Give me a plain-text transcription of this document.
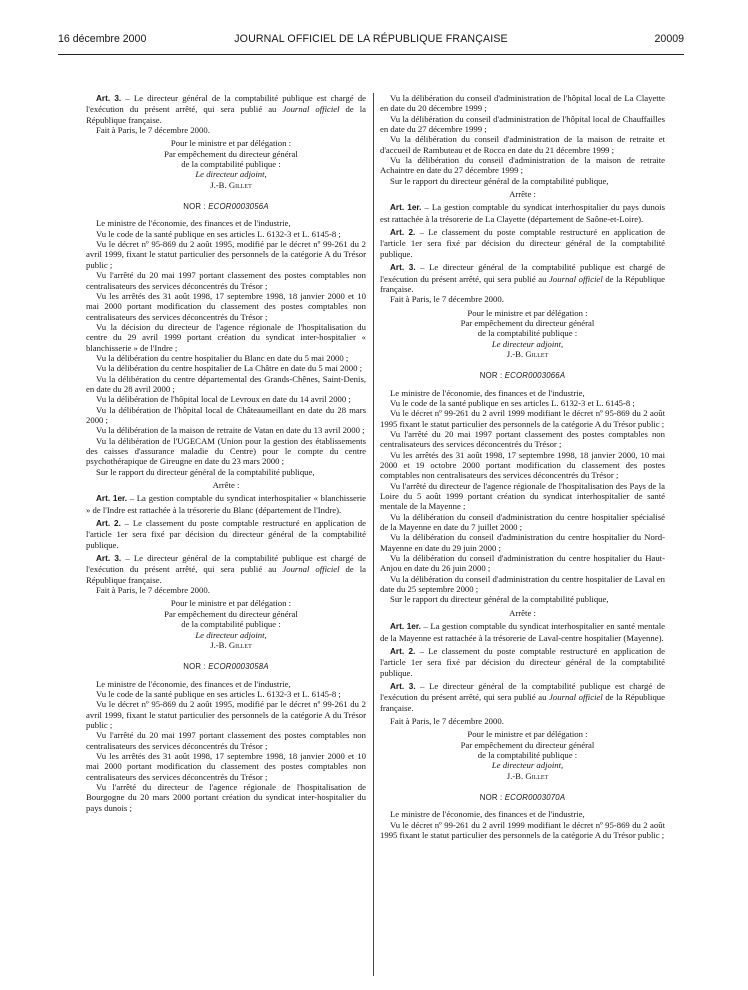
16 décembre 2000	JOURNAL OFFICIEL DE LA RÉPUBLIQUE FRANÇAISE	20009

Art. 3. – Le directeur général de la comptabilité publique est chargé de l'exécution du présent arrêté, qui sera publié au Journal officiel de la République française.

Fait à Paris, le 7 décembre 2000.

Pour le ministre et par délégation :

Par empêchement du directeur général

de la comptabilité publique :

Le directeur adjoint,

J.-B. Gillet

NOR : ECOR0003056A

Le ministre de l'économie, des finances et de l'industrie,

Vu le code de la santé publique en ses articles L. 6132-3 et L. 6145-8 ;

Vu le décret nº 95-869 du 2 août 1995, modifié par le décret nº 99-261 du 2 avril 1999, fixant le statut particulier des personnels de la catégorie A du Trésor public ;

Vu l'arrêté du 20 mai 1997 portant classement des postes comptables non centralisateurs des services déconcentrés du Trésor ;

Vu les arrêtés des 31 août 1998, 17 septembre 1998, 18 janvier 2000 et 10 mai 2000 portant modification du classement des postes comptables non centralisateurs des services déconcentrés du Trésor ;

Vu la décision du directeur de l'agence régionale de l'hospitalisation du centre du 29 avril 1999 portant création du syndicat inter-hospitalier « blanchisserie » de l'Indre ;

Vu la délibération du centre hospitalier du Blanc en date du 5 mai 2000 ;

Vu la délibération du centre hospitalier de La Châtre en date du 5 mai 2000 ;

Vu la délibération du centre départemental des Grands-Chênes, Saint-Denis, en date du 28 avril 2000 ;

Vu la délibération de l'hôpital local de Levroux en date du 14 avril 2000 ;

Vu la délibération de l'hôpital local de Châteaumeillant en date du 28 mars 2000 ;

Vu la délibération de la maison de retraite de Vatan en date du 13 avril 2000 ;

Vu la délibération de l'UGECAM (Union pour la gestion des établissements des caisses d'assurance maladie du Centre) pour le compte du centre psychothérapique de Gireugne en date du 23 mars 2000 ;

Sur le rapport du directeur général de la comptabilité publique,

Arrête :

Art. 1er. – La gestion comptable du syndicat interhospitalier « blanchisserie » de l'Indre est rattachée à la trésorerie du Blanc (département de l'Indre).

Art. 2. – Le classement du poste comptable restructuré en application de l'article 1er sera fixé par décision du directeur général de la comptabilité publique.

Art. 3. – Le directeur général de la comptabilité publique est chargé de l'exécution du présent arrêté, qui sera publié au Journal officiel de la République française.

Fait à Paris, le 7 décembre 2000.

Pour le ministre et par délégation :

Par empêchement du directeur général

de la comptabilité publique :

Le directeur adjoint,

J.-B. Gillet

NOR : ECOR0003058A

Le ministre de l'économie, des finances et de l'industrie,

Vu le code de la santé publique en ses articles L. 6132-3 et L. 6145-8 ;

Vu le décret nº 95-869 du 2 août 1995, modifié par le décret nº 99-261 du 2 avril 1999, fixant le statut particulier des personnels de la catégorie A du Trésor public ;

Vu l'arrêté du 20 mai 1997 portant classement des postes comptables non centralisateurs des services déconcentrés du Trésor ;

Vu les arrêtés des 31 août 1998, 17 septembre 1998, 18 janvier 2000 et 10 mai 2000 portant modification du classement des postes comptables non centralisateurs des services déconcentrés du Trésor ;

Vu l'arrêté du directeur de l'agence régionale de l'hospitalisation de Bourgogne du 20 mars 2000 portant création du syndicat inter-hospitalier du pays dunois ;

Vu la délibération du conseil d'administration de l'hôpital local de La Clayette en date du 20 décembre 1999 ;

Vu la délibération du conseil d'administration de l'hôpital local de Chauffailles en date du 27 décembre 1999 ;

Vu la délibération du conseil d'administration de la maison de retraite et d'accueil de Rambuteau et de Rocca en date du 21 décembre 1999 ;

Vu la délibération du conseil d'administration de la maison de retraite Achaintre en date du 27 décembre 1999 ;

Sur le rapport du directeur général de la comptabilité publique,

Arrête :

Art. 1er. – La gestion comptable du syndicat interhospitalier du pays dunois est rattachée à la trésorerie de La Clayette (département de Saône-et-Loire).

Art. 2. – Le classement du poste comptable restructuré en application de l'article 1er sera fixé par décision du directeur général de la comptabilité publique.

Art. 3. – Le directeur général de la comptabilité publique est chargé de l'exécution du présent arrêté, qui sera publié au Journal officiel de la République française.

Fait à Paris, le 7 décembre 2000.

Pour le ministre et par délégation :

Par empêchement du directeur général

de la comptabilité publique :

Le directeur adjoint,

J.-B. Gillet

NOR : ECOR0003066A

Le ministre de l'économie, des finances et de l'industrie,

Vu le code de la santé publique en ses articles L. 6132-3 et L. 6145-8 ;

Vu le décret nº 99-261 du 2 avril 1999 modifiant le décret nº 95-869 du 2 août 1995 fixant le statut particulier des personnels de la catégorie A du Trésor public ;

Vu l'arrêté du 20 mai 1997 portant classement des postes comptables non centralisateurs des services déconcentrés du Trésor ;

Vu les arrêtés des 31 août 1998, 17 septembre 1998, 18 janvier 2000, 10 mai 2000 et 19 octobre 2000 portant modification du classement des postes comptables non centralisateurs des services déconcentrés du Trésor ;

Vu l'arrêté du directeur de l'agence régionale de l'hospitalisation des Pays de la Loire du 5 août 1999 portant création du syndicat interhospitalier de santé mentale de la Mayenne ;

Vu la délibération du conseil d'administration du centre hospitalier spécialisé de la Mayenne en date du 7 juillet 2000 ;

Vu la délibération du conseil d'administration du centre hospitalier du Nord-Mayenne en date du 29 juin 2000 ;

Vu la délibération du conseil d'administration du centre hospitalier du Haut-Anjou en date du 26 juin 2000 ;

Vu la délibération du conseil d'administration du centre hospitalier de Laval en date du 25 septembre 2000 ;

Sur le rapport du directeur général de la comptabilité publique,

Arrête :

Art. 1er. – La gestion comptable du syndicat interhospitalier en santé mentale de la Mayenne est rattachée à la trésorerie de Laval-centre hospitalier (Mayenne).

Art. 2. – Le classement du poste comptable restructuré en application de l'article 1er sera fixé par décision du directeur général de la comptabilité publique.

Art. 3. – Le directeur général de la comptabilité publique est chargé de l'exécution du présent arrêté, qui sera publié au Journal officiel de la République française.

Fait à Paris, le 7 décembre 2000.

Pour le ministre et par délégation :

Par empêchement du directeur général

de la comptabilité publique :

Le directeur adjoint,

J.-B. Gillet

NOR : ECOR0003070A

Le ministre de l'économie, des finances et de l'industrie,

Vu le décret nº 99-261 du 2 avril 1999 modifiant le décret nº 95-869 du 2 août 1995 fixant le statut particulier des personnels de la catégorie A du Trésor public ;
